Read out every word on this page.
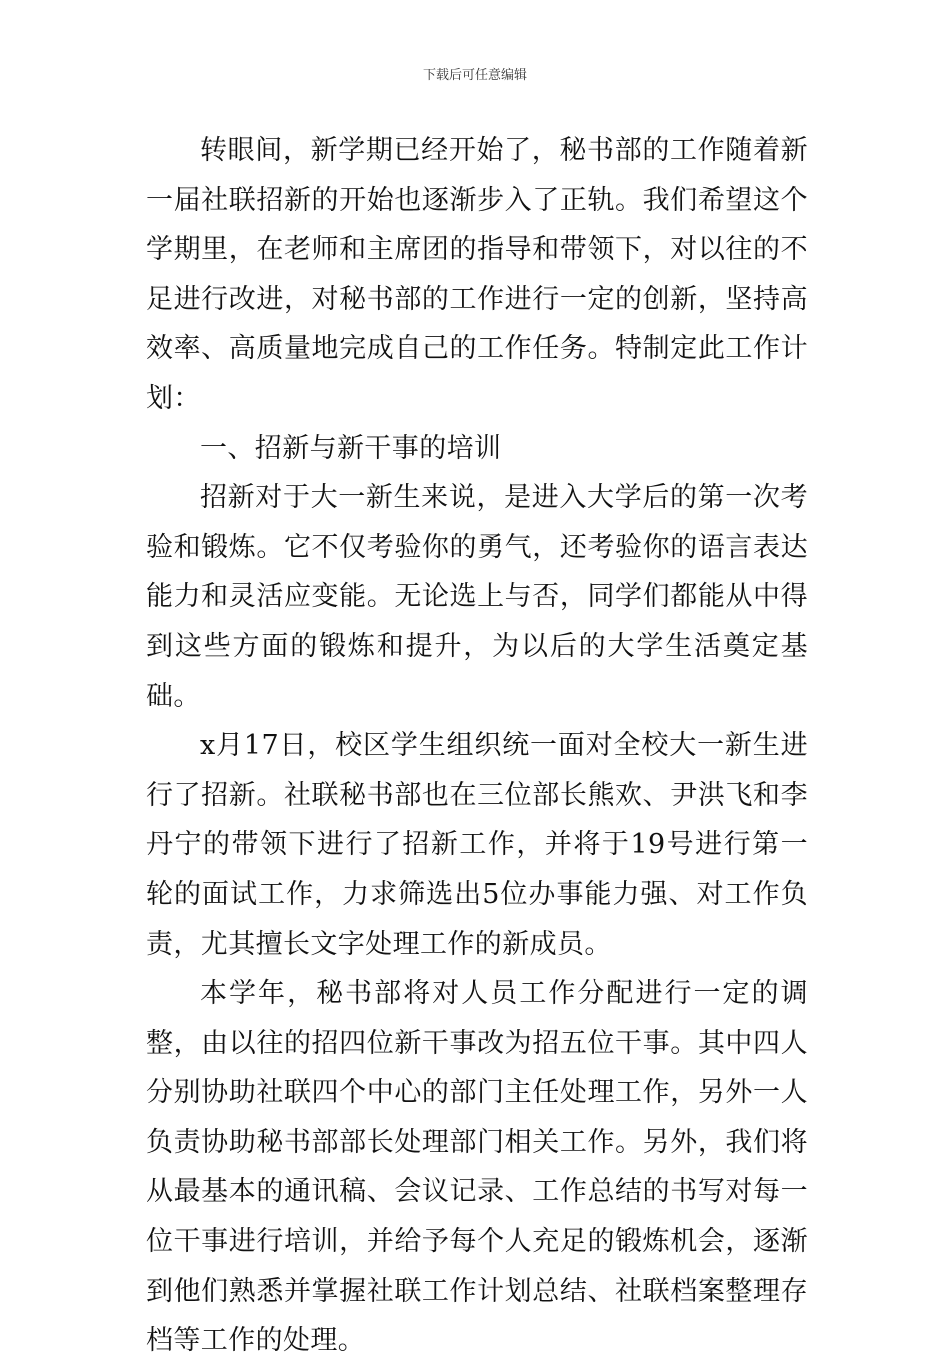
下载后可任意编辑

转眼间，新学期已经开始了，秘书部的工作随着新一届社联招新的开始也逐渐步入了正轨。我们希望这个学期里，在老师和主席团的指导和带领下，对以往的不足进行改进，对秘书部的工作进行一定的创新，坚持高效率、高质量地完成自己的工作任务。特制定此工作计划：

一、招新与新干事的培训

招新对于大一新生来说，是进入大学后的第一次考验和锻炼。它不仅考验你的勇气，还考验你的语言表达能力和灵活应变能。无论选上与否，同学们都能从中得到这些方面的锻炼和提升，为以后的大学生活奠定基础。

x月17日，校区学生组织统一面对全校大一新生进行了招新。社联秘书部也在三位部长熊欢、尹洪飞和李丹宁的带领下进行了招新工作，并将于19号进行第一轮的面试工作，力求筛选出5位办事能力强、对工作负责，尤其擅长文字处理工作的新成员。

本学年，秘书部将对人员工作分配进行一定的调整，由以往的招四位新干事改为招五位干事。其中四人分别协助社联四个中心的部门主任处理工作，另外一人负责协助秘书部部长处理部门相关工作。另外，我们将从最基本的通讯稿、会议记录、工作总结的书写对每一位干事进行培训，并给予每个人充足的锻炼机会，逐渐到他们熟悉并掌握社联工作计划总结、社联档案整理存档等工作的处理。
